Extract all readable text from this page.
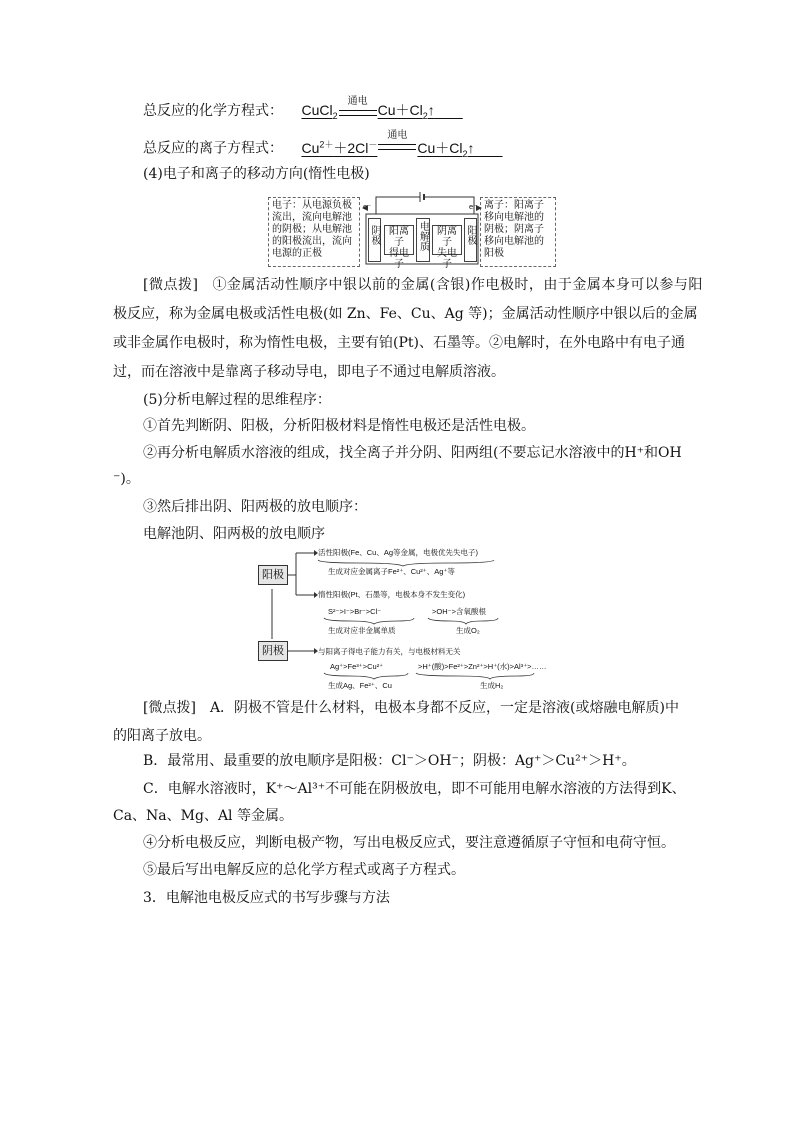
总反应的化学方程式： CuCl$_2$
通电
$Cu+Cl_2↑$  
总反应的离子方程式： $Cu^{2+}+2Cl^-$
通电
$Cu+Cl_2↑$  
(4)电子和离子的移动方向(惰性电极)
电子：从电源负极流出，流向电解池的阴极；从电解池的阳极流出，流向电源的正极
离子：阳离子移向电解池的阴极；阴离子移向电解池的阳极
e⁻	e⁻
阴极 阳离子
得电子
电解质 阴离子
失电子
阳极
[微点拨] ①金属活动性顺序中银以前的金属(含银)作电极时，由于金属本身可以参与阳
极反应，称为金属电极或活性电极(如 Zn、Fe、Cu、Ag 等)；金属活动性顺序中银以后的金属
或非金属作电极时，称为惰性电极，主要有铂(Pt)、石墨等。②电解时，在外电路中有电子通
过，而在溶液中是靠离子移动导电，即电子不通过电解质溶液。
(5)分析电解过程的思维程序：
①首先判断阴、阳极，分析阳极材料是惰性电极还是活性电极。
②再分析电解质水溶液的组成，找全离子并分阴、阳两组(不要忘记水溶液中的H⁺和OH
⁻)。
③然后排出阴、阳两极的放电顺序：
电解池阴、阳两极的放电顺序
阳极
阴极
活性阳极(Fe、Cu、Ag等金属，电极优先失电子)
生成对应金属离子Fe²⁺、Cu²⁺、Ag⁺等
惰性阳极(Pt、石墨等，电极本身不发生变化)
S²⁻>I⁻>Br⁻>Cl⁻
生成对应非金属单质
>OH⁻>含氧酸根
生成O₂
与阳离子得电子能力有关，与电极材料无关
Ag⁺>Fe³⁺>Cu²⁺
生成Ag、Fe²⁺、Cu
>H⁺(酸)>Fe²⁺>Zn²⁺>H⁺(水)>Al³⁺>……
生成H₂
[微点拨] A．阴极不管是什么材料，电极本身都不反应，一定是溶液(或熔融电解质)中
的阳离子放电。
B．最常用、最重要的放电顺序是阳极：Cl⁻＞OH⁻；阴极：Ag⁺＞Cu²⁺＞H⁺。
C．电解水溶液时，K⁺～Al³⁺不可能在阴极放电，即不可能用电解水溶液的方法得到K、
Ca、Na、Mg、Al 等金属。
④分析电极反应，判断电极产物，写出电极反应式，要注意遵循原子守恒和电荷守恒。
⑤最后写出电解反应的总化学方程式或离子方程式。
3．电解池电极反应式的书写步骤与方法
